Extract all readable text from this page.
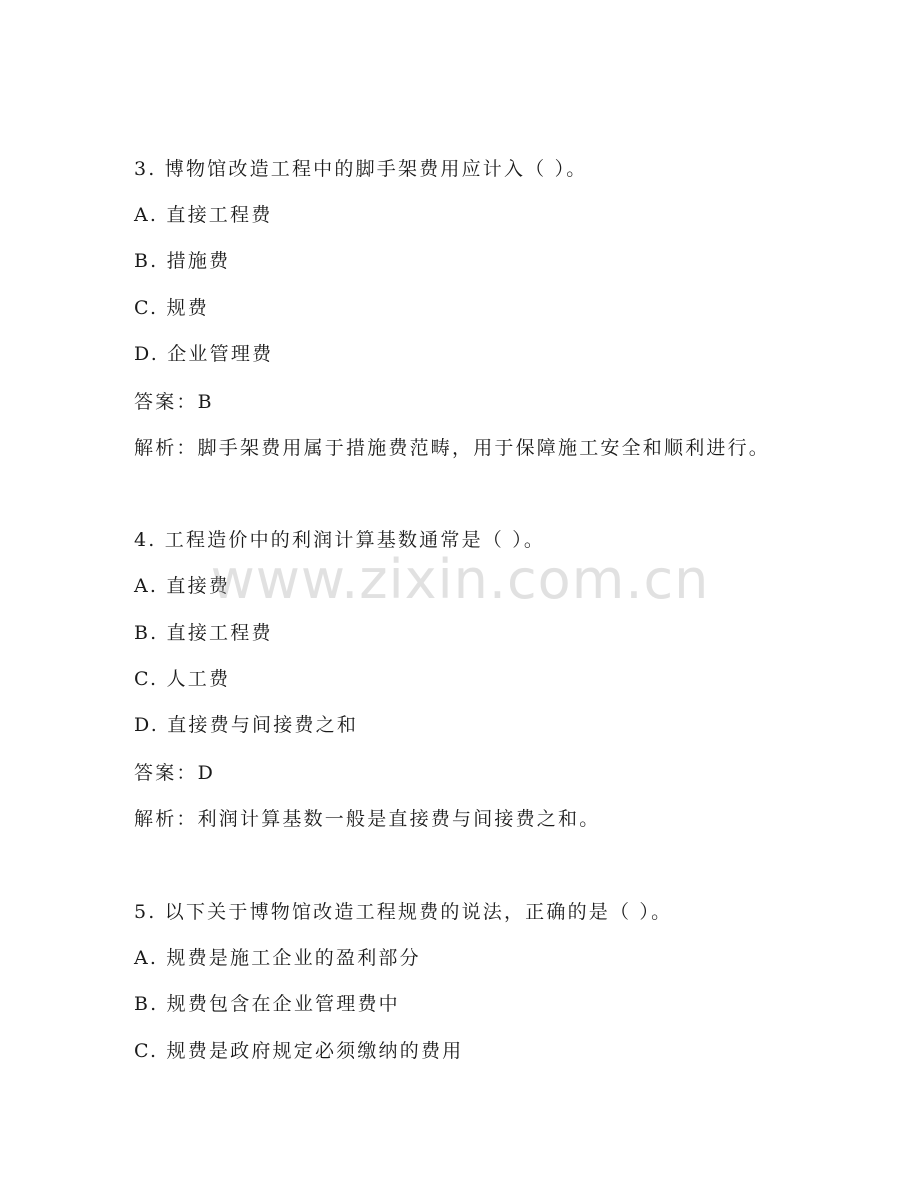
3. 博物馆改造工程中的脚手架费用应计入（ ）。
A. 直接工程费
B. 措施费
C. 规费
D. 企业管理费
答案：B
解析：脚手架费用属于措施费范畴，用于保障施工安全和顺利进行。
4. 工程造价中的利润计算基数通常是（ ）。
A. 直接费
B. 直接工程费
C. 人工费
D. 直接费与间接费之和
答案：D
解析：利润计算基数一般是直接费与间接费之和。
5. 以下关于博物馆改造工程规费的说法，正确的是（ ）。
A. 规费是施工企业的盈利部分
B. 规费包含在企业管理费中
C. 规费是政府规定必须缴纳的费用
www.zixin.com.cn
